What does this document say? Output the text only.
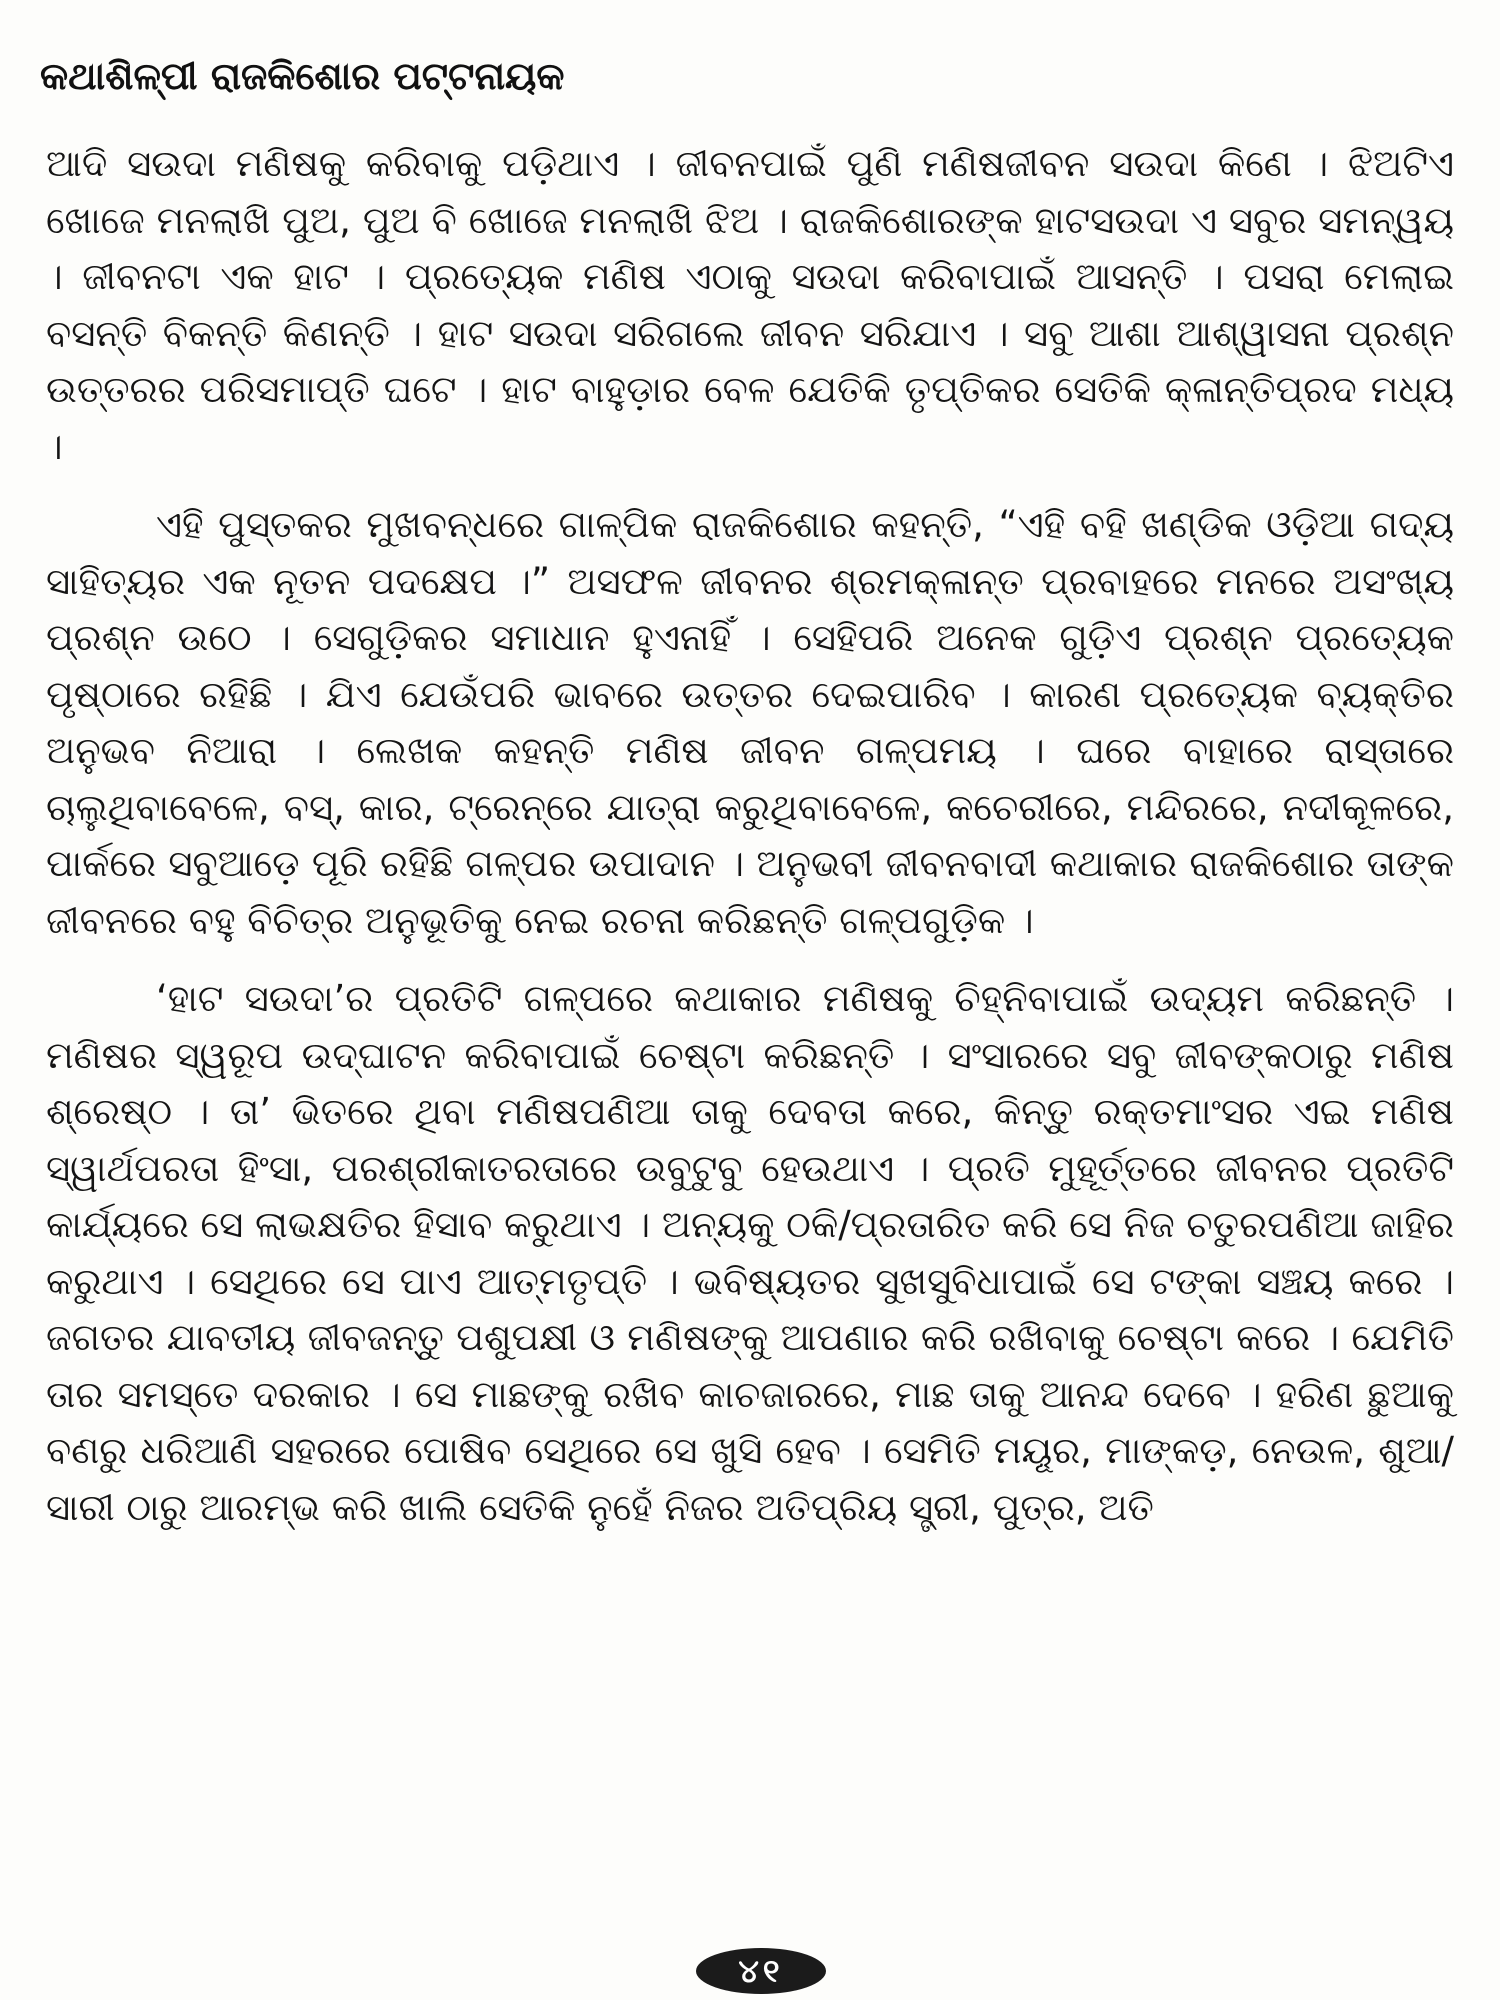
କଥାଶିଳ୍ପୀ ରାଜକିଶୋର ପଟ୍ଟନାୟକ

ଆଦି ସଉଦା ମଣିଷକୁ କରିବାକୁ ପଡ଼ିଥାଏ । ଜୀବନପାଇଁ ପୁଣି ମଣିଷଜୀବନ ସଉଦା କିଣେ । ଝିଅଟିଏ ଖୋଜେ ମନଲାଖି ପୁଅ, ପୁଅ ବି ଖୋଜେ ମନଲାଖି ଝିଅ । ରାଜକିଶୋରଙ୍କ ହାଟସଉଦା ଏ ସବୁର ସମନ୍ୱୟ । ଜୀବନଟା ଏକ ହାଟ । ପ୍ରତ୍ୟେକ ମଣିଷ ଏଠାକୁ ସଉଦା କରିବାପାଇଁ ଆସନ୍ତି । ପସରା ମେଲାଇ ବସନ୍ତି ବିକନ୍ତି କିଣନ୍ତି । ହାଟ ସଉଦା ସରିଗଲେ ଜୀବନ ସରିଯାଏ । ସବୁ ଆଶା ଆଶ୍ୱାସନା ପ୍ରଶ୍ନ ଉତ୍ତରର ପରିସମାପ୍ତି ଘଟେ । ହାଟ ବାହୁଡ଼ାର ବେଳ ଯେତିକି ତୃପ୍ତିକର ସେତିକି କ୍ଳାନ୍ତିପ୍ରଦ ମଧ୍ୟ ।

ଏହି ପୁସ୍ତକର ମୁଖବନ୍ଧରେ ଗାଳ୍ପିକ ରାଜକିଶୋର କହନ୍ତି, “ଏହି ବହି ଖଣ୍ଡିକ ଓଡ଼ିଆ ଗଦ୍ୟ ସାହିତ୍ୟର ଏକ ନୂତନ ପଦକ୍ଷେପ ।” ଅସଫଳ ଜୀବନର ଶ୍ରମକ୍ଳାନ୍ତ ପ୍ରବାହରେ ମନରେ ଅସଂଖ୍ୟ ପ୍ରଶ୍ନ ଉଠେ । ସେଗୁଡ଼ିକର ସମାଧାନ ହୁଏନାହିଁ । ସେହିପରି ଅନେକ ଗୁଡ଼ିଏ ପ୍ରଶ୍ନ ପ୍ରତ୍ୟେକ ପୃଷ୍ଠାରେ ରହିଛି । ଯିଏ ଯେଉଁପରି ଭାବରେ ଉତ୍ତର ଦେଇପାରିବ । କାରଣ ପ୍ରତ୍ୟେକ ବ୍ୟକ୍ତିର ଅନୁଭବ ନିଆରା । ଲେଖକ କହନ୍ତି ମଣିଷ ଜୀବନ ଗଳ୍ପମୟ । ଘରେ ବାହାରେ ରାସ୍ତାରେ ଚାଲୁଥିବାବେଳେ, ବସ୍, କାର, ଟ୍ରେନ୍‌ରେ ଯାତ୍ରା କରୁଥିବାବେଳେ, କଚେରୀରେ, ମନ୍ଦିରରେ, ନଦୀକୂଳରେ, ପାର୍କରେ ସବୁଆଡ଼େ ପୂରି ରହିଛି ଗଳ୍ପର ଉପାଦାନ । ଅନୁଭବୀ ଜୀବନବାଦୀ କଥାକାର ରାଜକିଶୋର ତାଙ୍କ ଜୀବନରେ ବହୁ ବିଚିତ୍ର ଅନୁଭୂତିକୁ ନେଇ ରଚନା କରିଛନ୍ତି ଗଳ୍ପଗୁଡ଼ିକ ।

‘ହାଟ ସଉଦା’ର ପ୍ରତିଟି ଗଳ୍ପରେ କଥାକାର ମଣିଷକୁ ଚିହ୍ନିବାପାଇଁ ଉଦ୍ୟମ କରିଛନ୍ତି । ମଣିଷର ସ୍ୱରୂପ ଉଦ୍‌ଘାଟନ କରିବାପାଇଁ ଚେଷ୍ଟା କରିଛନ୍ତି । ସଂସାରରେ ସବୁ ଜୀବଙ୍କଠାରୁ ମଣିଷ ଶ୍ରେଷ୍ଠ । ତା’ ଭିତରେ ଥିବା ମଣିଷପଣିଆ ତାକୁ ଦେବତା କରେ, କିନ୍ତୁ ରକ୍ତମାଂସର ଏଇ ମଣିଷ ସ୍ୱାର୍ଥପରତା ହିଂସା, ପରଶ୍ରୀକାତରତାରେ ଉବୁଟୁବୁ ହେଉଥାଏ । ପ୍ରତି ମୁହୂର୍ତ୍ତରେ ଜୀବନର ପ୍ରତିଟି କାର୍ଯ୍ୟରେ ସେ ଲାଭକ୍ଷତିର ହିସାବ କରୁଥାଏ । ଅନ୍ୟକୁ ଠକି/ପ୍ରତାରିତ କରି ସେ ନିଜ ଚତୁରପଣିଆ ଜାହିର କରୁଥାଏ । ସେଥିରେ ସେ ପାଏ ଆତ୍ମତୃପ୍ତି । ଭବିଷ୍ୟତର ସୁଖସୁବିଧାପାଇଁ ସେ ଟଙ୍କା ସଞ୍ଚୟ କରେ । ଜଗତର ଯାବତୀୟ ଜୀବଜନ୍ତୁ ପଶୁପକ୍ଷୀ ଓ ମଣିଷଙ୍କୁ ଆପଣାର କରି ରଖିବାକୁ ଚେଷ୍ଟା କରେ । ଯେମିତି ତାର ସମସ୍ତେ ଦରକାର । ସେ ମାଛଙ୍କୁ ରଖିବ କାଚଜାରରେ, ମାଛ ତାକୁ ଆନନ୍ଦ ଦେବେ । ହରିଣ ଛୁଆକୁ ବଣରୁ ଧରିଆଣି ସହରରେ ପୋଷିବ ସେଥିରେ ସେ ଖୁସି ହେବ । ସେମିତି ମୟୂର, ମାଙ୍କଡ଼, ନେଉଳ, ଶୁଆ/ ସାରୀ ଠାରୁ ଆରମ୍ଭ କରି ଖାଲି ସେତିକି ନୁହେଁ ନିଜର ଅତିପ୍ରିୟ ସ୍ତ୍ରୀ, ପୁତ୍ର, ଅତି

୪୧
